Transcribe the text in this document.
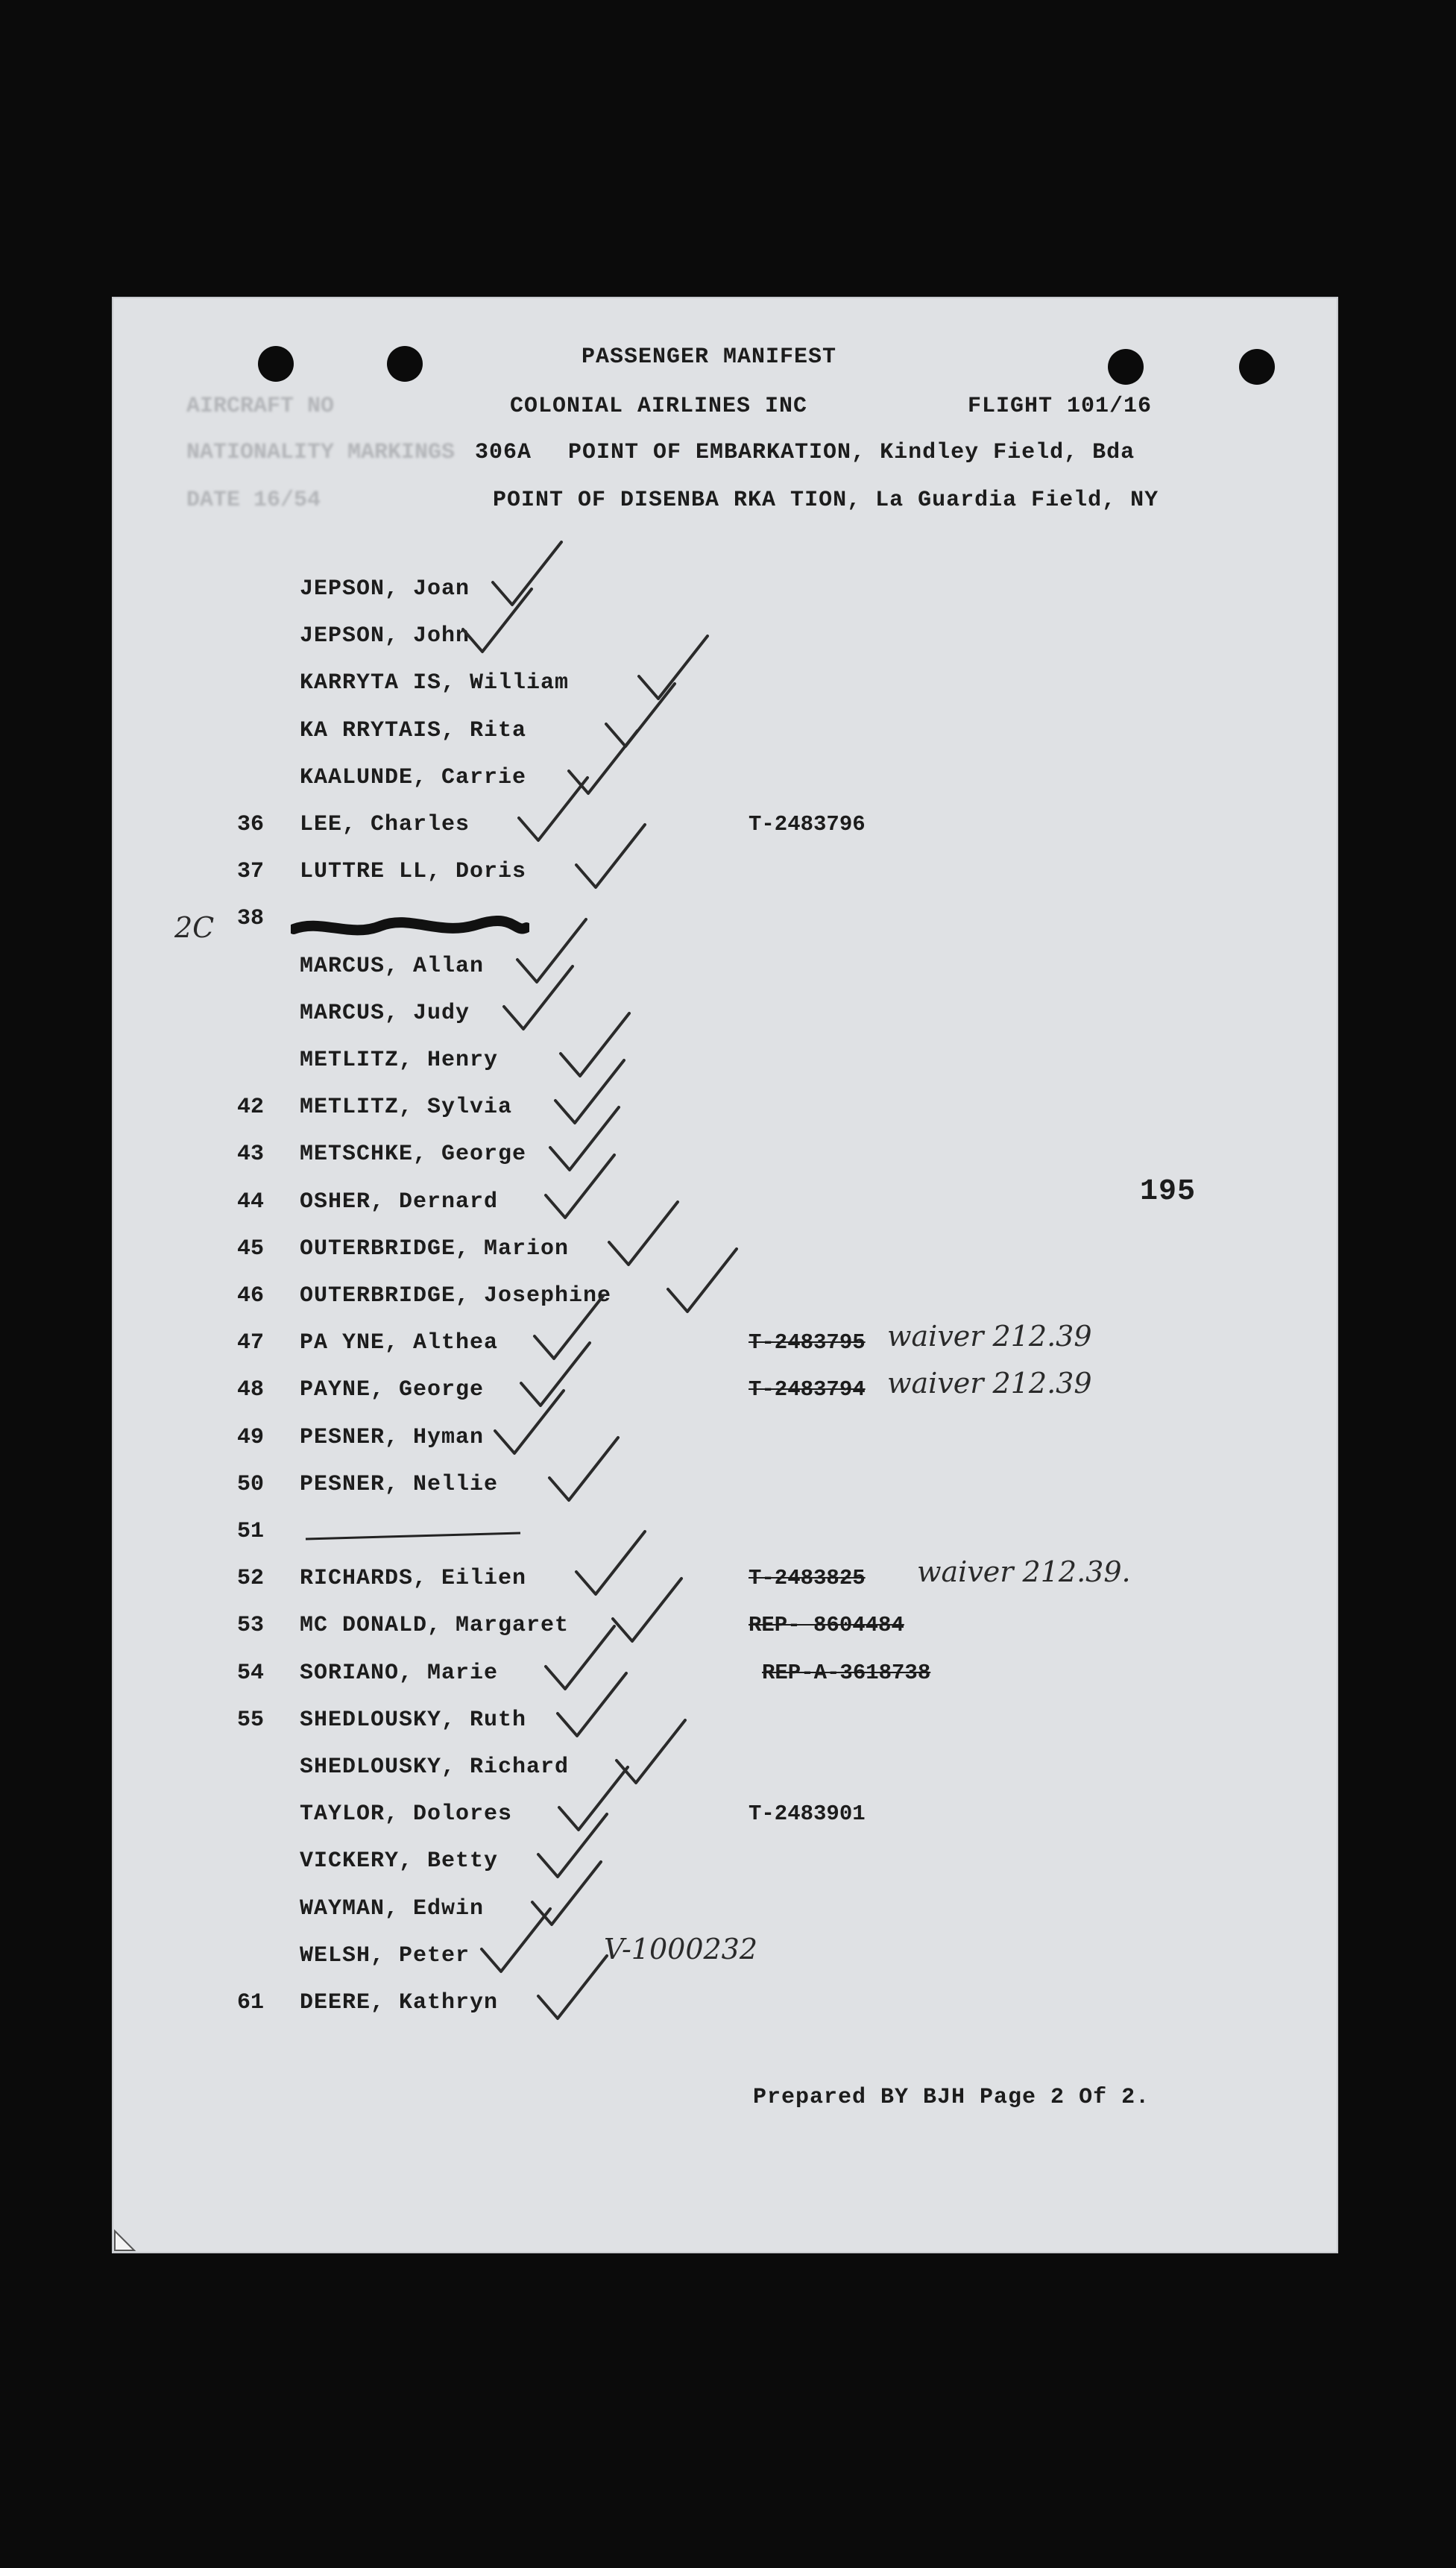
PASSENGER MANIFEST
COLONIAL AIRLINES INC	FLIGHT 101/16
AIRCRAFT NO
NATIONALITY MARKINGS
DATE 16/54
306A POINT OF EMBARKATION, Kindley Field, Bda
POINT OF DISENBA RKA TION, La Guardia Field, NY
195
2C
JEPSON, Joan
JEPSON, John
KARRYTA IS, William
KA RRYTAIS, Rita
KAALUNDE, Carrie
36 LEE, Charles	T-2483796
37 LUTTRE LL, Doris
38
MARCUS, Allan
MARCUS, Judy
METLITZ, Henry
42 METLITZ, Sylvia
43 METSCHKE, George
44 OSHER, Dernard
45 OUTERBRIDGE, Marion
46 OUTERBRIDGE, Josephine
47 PA YNE, Althea	T-2483795 waiver 212.39
48 PAYNE, George	T-2483794 waiver 212.39
49 PESNER, Hyman
50 PESNER, Nellie
51
52 RICHARDS, Eilien	T-2483825 waiver 212.39.
53 MC DONALD, Margaret	REP- 8604484
54 SORIANO, Marie	REP-A-3618738
55 SHEDLOUSKY, Ruth
SHEDLOUSKY, Richard
TAYLOR, Dolores	T-2483901
VICKERY, Betty
WAYMAN, Edwin
WELSH, Peter	V-1000232
61 DEERE, Kathryn
Prepared BY BJH Page 2 Of 2.
